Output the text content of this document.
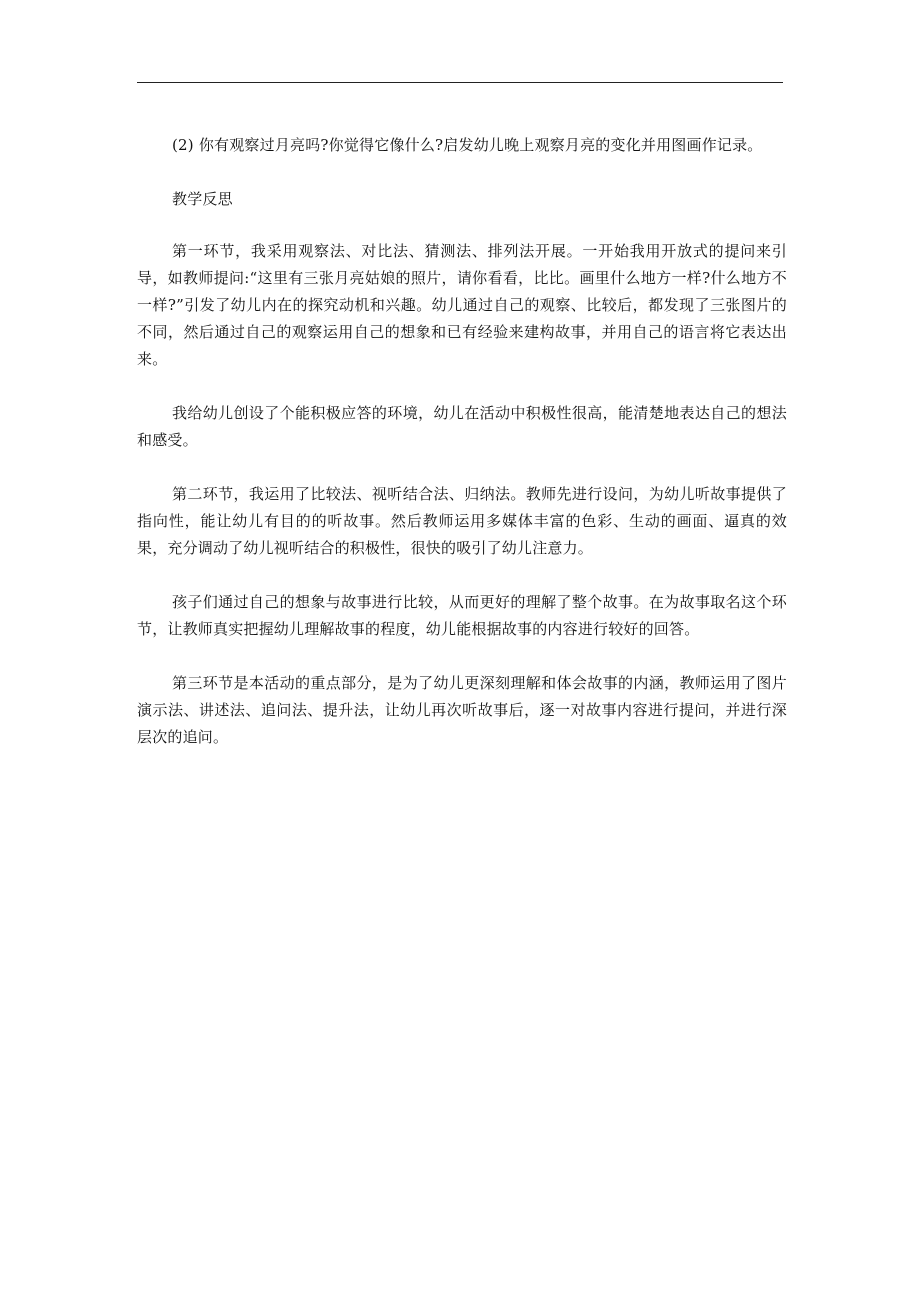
(2) 你有观察过月亮吗?你觉得它像什么?启发幼儿晚上观察月亮的变化并用图画作记录。

教学反思

第一环节，我采用观察法、对比法、猜测法、排列法开展。一开始我用开放式的提问来引导，如教师提问:“这里有三张月亮姑娘的照片，请你看看，比比。画里什么地方一样?什么地方不一样?”引发了幼儿内在的探究动机和兴趣。幼儿通过自己的观察、比较后，都发现了三张图片的不同，然后通过自己的观察运用自己的想象和已有经验来建构故事，并用自己的语言将它表达出来。

我给幼儿创设了个能积极应答的环境，幼儿在活动中积极性很高，能清楚地表达自己的想法和感受。

第二环节，我运用了比较法、视听结合法、归纳法。教师先进行设问，为幼儿听故事提供了指向性，能让幼儿有目的的听故事。然后教师运用多媒体丰富的色彩、生动的画面、逼真的效果，充分调动了幼儿视听结合的积极性，很快的吸引了幼儿注意力。

孩子们通过自己的想象与故事进行比较，从而更好的理解了整个故事。在为故事取名这个环节，让教师真实把握幼儿理解故事的程度，幼儿能根据故事的内容进行较好的回答。

第三环节是本活动的重点部分，是为了幼儿更深刻理解和体会故事的内涵，教师运用了图片演示法、讲述法、追问法、提升法，让幼儿再次听故事后，逐一对故事内容进行提问，并进行深层次的追问。
